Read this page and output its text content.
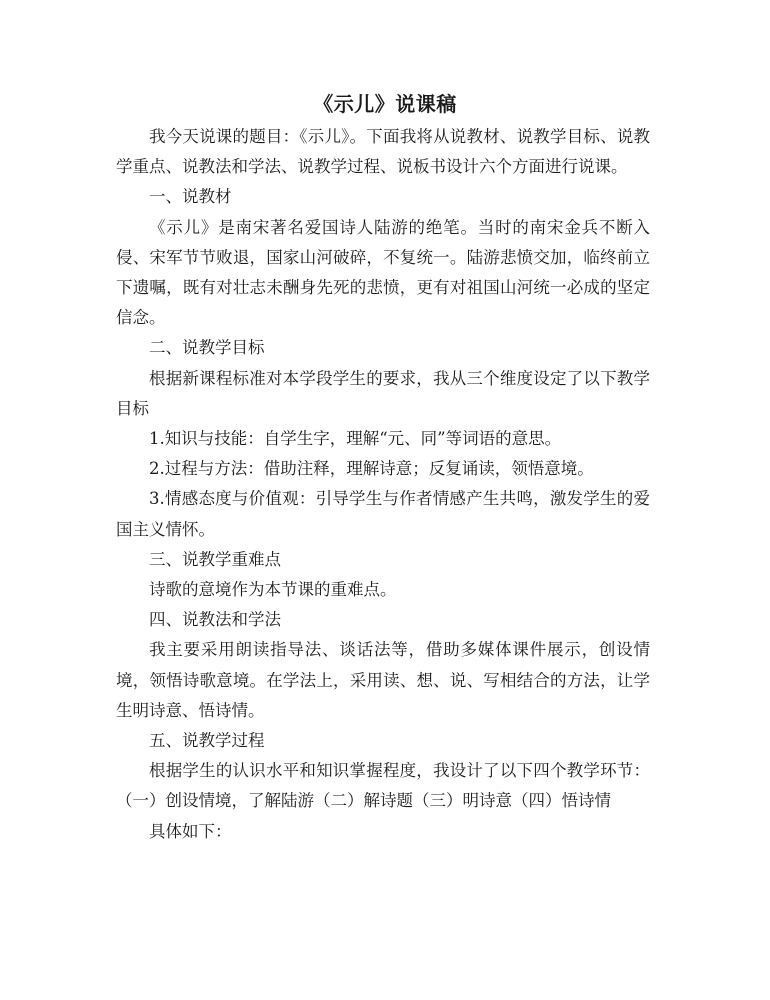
《示儿》说课稿

我今天说课的题目：《示儿》。下面我将从说教材、说教学目标、说教学重点、说教法和学法、说教学过程、说板书设计六个方面进行说课。

一、说教材

《示儿》是南宋著名爱国诗人陆游的绝笔。当时的南宋金兵不断入侵、宋军节节败退，国家山河破碎，不复统一。陆游悲愤交加，临终前立下遗嘱，既有对壮志未酬身先死的悲愤，更有对祖国山河统一必成的坚定信念。

二、说教学目标

根据新课程标准对本学段学生的要求，我从三个维度设定了以下教学目标

1.知识与技能：自学生字，理解“元、同”等词语的意思。

2.过程与方法：借助注释，理解诗意；反复诵读，领悟意境。

3.情感态度与价值观：引导学生与作者情感产生共鸣，激发学生的爱国主义情怀。

三、说教学重难点

诗歌的意境作为本节课的重难点。

四、说教法和学法

我主要采用朗读指导法、谈话法等，借助多媒体课件展示，创设情境，领悟诗歌意境。在学法上，采用读、想、说、写相结合的方法，让学生明诗意、悟诗情。

五、说教学过程

根据学生的认识水平和知识掌握程度，我设计了以下四个教学环节：（一）创设情境，了解陆游（二）解诗题（三）明诗意（四）悟诗情

具体如下：
